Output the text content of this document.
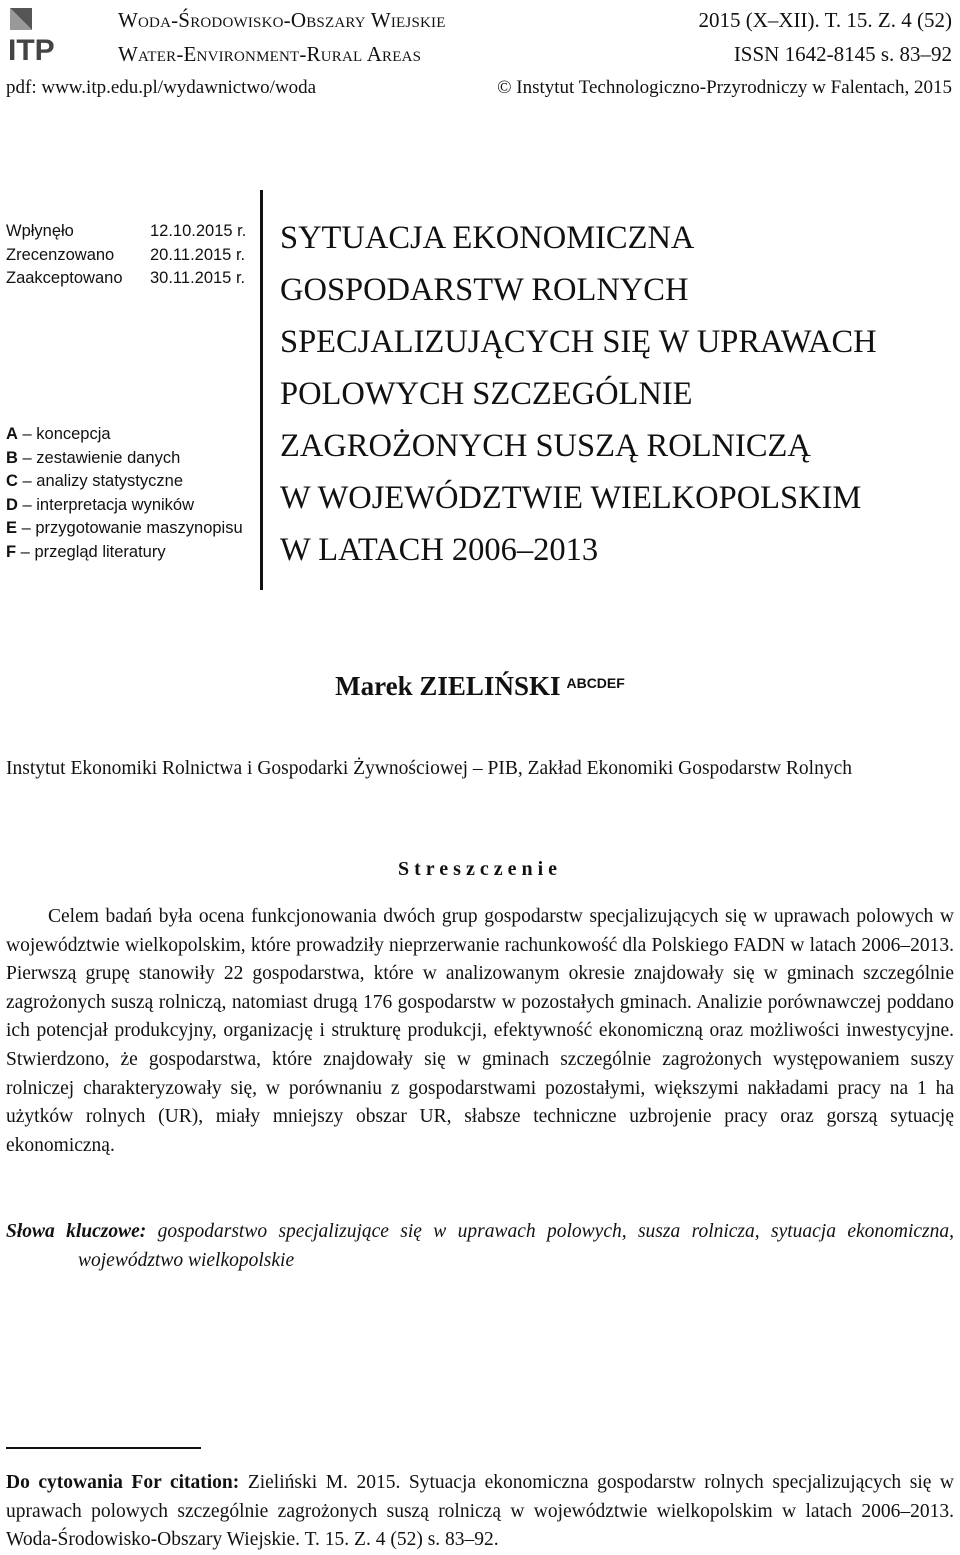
ITP
Woda-Środowisko-Obszary Wiejskie
Water-Environment-Rural Areas
2015 (X–XII). T. 15. Z. 4 (52)
ISSN 1642-8145 s. 83–92
pdf: www.itp.edu.pl/wydawnictwo/woda	© Instytut Technologiczno-Przyrodniczy w Falentach, 2015
Wpłynęło	12.10.2015 r.
Zrecenzowano	20.11.2015 r.
Zaakceptowano	30.11.2015 r.
A – koncepcja
B – zestawienie danych
C – analizy statystyczne
D – interpretacja wyników
E – przygotowanie maszynopisu
F – przegląd literatury
SYTUACJA EKONOMICZNA
GOSPODARSTW ROLNYCH
SPECJALIZUJĄCYCH SIĘ W UPRAWACH
POLOWYCH SZCZEGÓLNIE
ZAGROŻONYCH SUSZĄ ROLNICZĄ
W WOJEWÓDZTWIE WIELKOPOLSKIM
W LATACH 2006–2013
Marek ZIELIŃSKI $^{ABCDEF}$
Instytut Ekonomiki Rolnictwa i Gospodarki Żywnościowej – PIB, Zakład Ekonomiki Gospodarstw Rolnych
Streszczenie

Celem badań była ocena funkcjonowania dwóch grup gospodarstw specjalizujących się w uprawach polowych w województwie wielkopolskim, które prowadziły nieprzerwanie rachunkowość dla Polskiego FADN w latach 2006–2013. Pierwszą grupę stanowiły 22 gospodarstwa, które w analizowanym okresie znajdowały się w gminach szczególnie zagrożonych suszą rolniczą, natomiast drugą 176 gospodarstw w pozostałych gminach. Analizie porównawczej poddano ich potencjał produkcyjny, organizację i strukturę produkcji, efektywność ekonomiczną oraz możliwości inwestycyjne. Stwierdzono, że gospodarstwa, które znajdowały się w gminach szczególnie zagrożonych występowaniem suszy rolniczej charakteryzowały się, w porównaniu z gospodarstwami pozostałymi, większymi nakładami pracy na 1 ha użytków rolnych (UR), miały mniejszy obszar UR, słabsze techniczne uzbrojenie pracy oraz gorszą sytuację ekonomiczną.

Słowa kluczowe: gospodarstwo specjalizujące się w uprawach polowych, susza rolnicza, sytuacja ekonomiczna, województwo wielkopolskie
Do cytowania For citation: Zieliński M. 2015. Sytuacja ekonomiczna gospodarstw rolnych specjalizujących się w uprawach polowych szczególnie zagrożonych suszą rolniczą w województwie wielkopolskim w latach 2006–2013. Woda-Środowisko-Obszary Wiejskie. T. 15. Z. 4 (52) s. 83–92.
